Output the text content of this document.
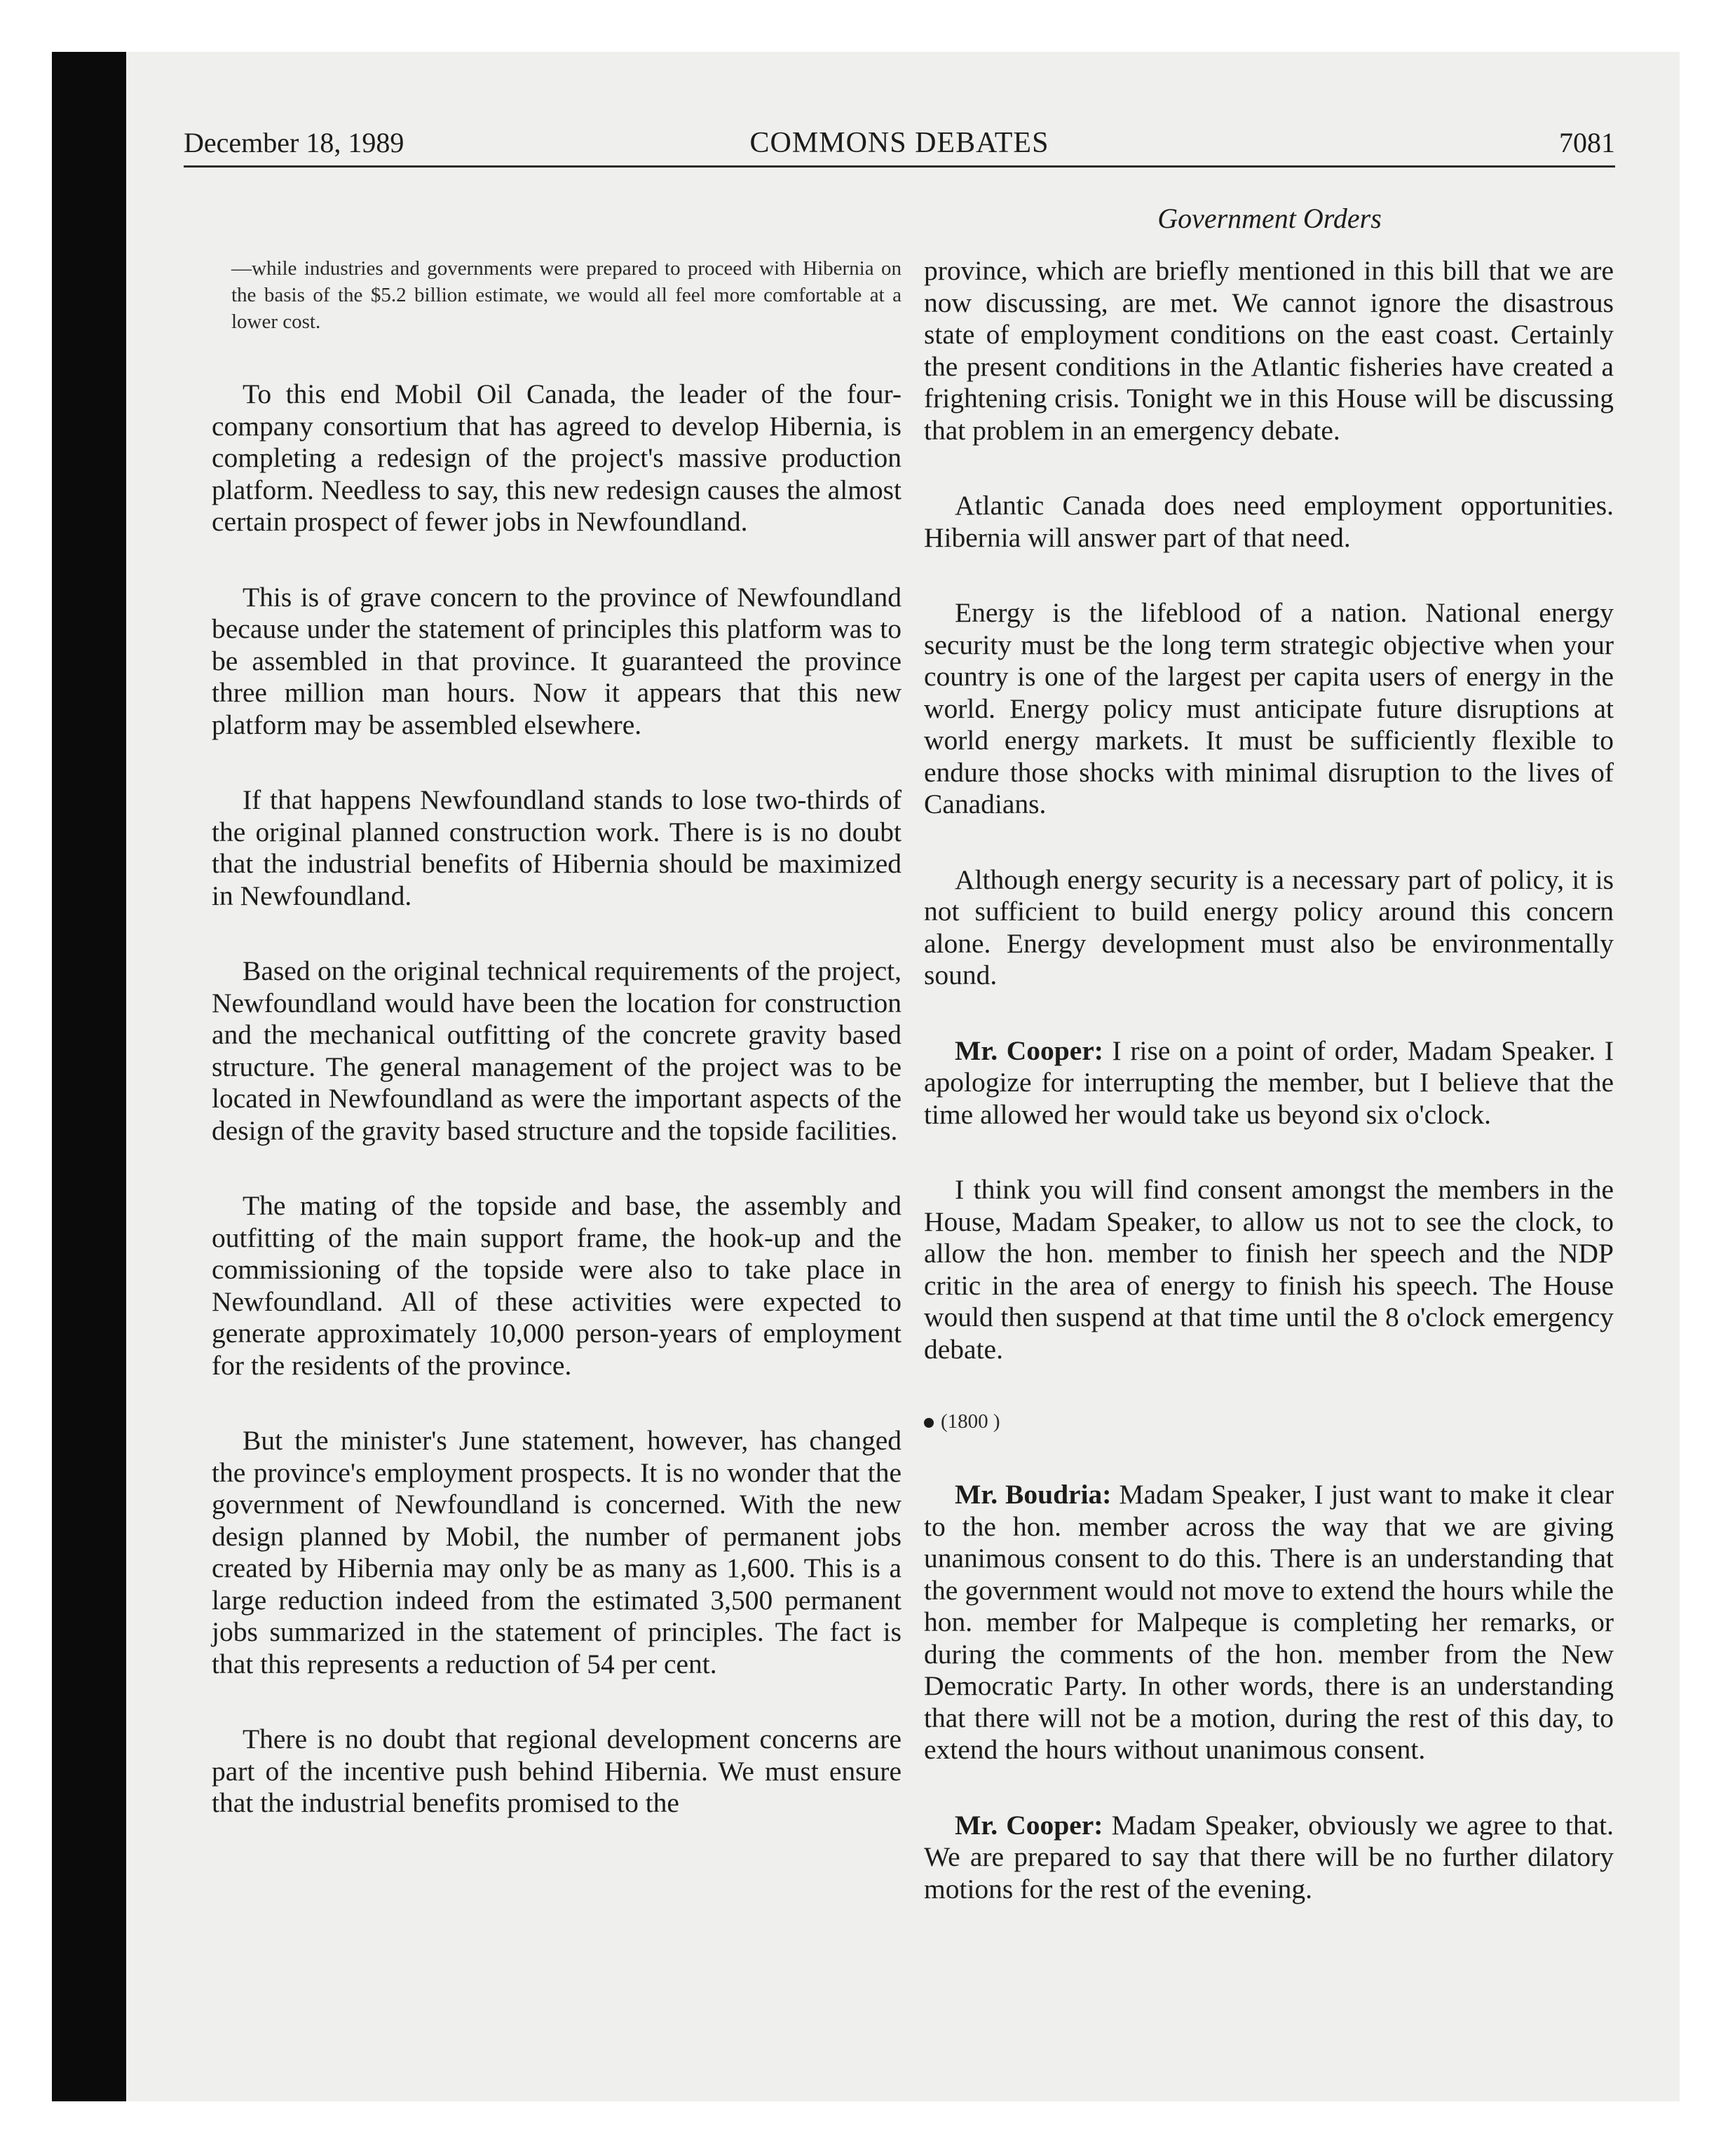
December 18, 1989	COMMONS DEBATES	7081
Government Orders

—while industries and governments were prepared to proceed with Hibernia on the basis of the $5.2 billion estimate, we would all feel more comfortable at a lower cost.

To this end Mobil Oil Canada, the leader of the four-company consortium that has agreed to develop Hibernia, is completing a redesign of the project's massive production platform. Needless to say, this new redesign causes the almost certain prospect of fewer jobs in Newfoundland.

This is of grave concern to the province of Newfoundland because under the statement of principles this platform was to be assembled in that province. It guaranteed the province three million man hours. Now it appears that this new platform may be assembled elsewhere.

If that happens Newfoundland stands to lose two-thirds of the original planned construction work. There is is no doubt that the industrial benefits of Hibernia should be maximized in Newfoundland.

Based on the original technical requirements of the project, Newfoundland would have been the location for construction and the mechanical outfitting of the concrete gravity based structure. The general management of the project was to be located in Newfoundland as were the important aspects of the design of the gravity based structure and the topside facilities.

The mating of the topside and base, the assembly and outfitting of the main support frame, the hook-up and the commissioning of the topside were also to take place in Newfoundland. All of these activities were expected to generate approximately 10,000 person-years of employment for the residents of the province.

But the minister's June statement, however, has changed the province's employment prospects. It is no wonder that the government of Newfoundland is concerned. With the new design planned by Mobil, the number of permanent jobs created by Hibernia may only be as many as 1,600. This is a large reduction indeed from the estimated 3,500 permanent jobs summarized in the statement of principles. The fact is that this represents a reduction of 54 per cent.

There is no doubt that regional development concerns are part of the incentive push behind Hibernia. We must ensure that the industrial benefits promised to the

province, which are briefly mentioned in this bill that we are now discussing, are met. We cannot ignore the disastrous state of employment conditions on the east coast. Certainly the present conditions in the Atlantic fisheries have created a frightening crisis. Tonight we in this House will be discussing that problem in an emergency debate.

Atlantic Canada does need employment opportunities. Hibernia will answer part of that need.

Energy is the lifeblood of a nation. National energy security must be the long term strategic objective when your country is one of the largest per capita users of energy in the world. Energy policy must anticipate future disruptions at world energy markets. It must be sufficiently flexible to endure those shocks with minimal disruption to the lives of Canadians.

Although energy security is a necessary part of policy, it is not sufficient to build energy policy around this concern alone. Energy development must also be environmentally sound.

Mr. Cooper: I rise on a point of order, Madam Speaker. I apologize for interrupting the member, but I believe that the time allowed her would take us beyond six o'clock.

I think you will find consent amongst the members in the House, Madam Speaker, to allow us not to see the clock, to allow the hon. member to finish her speech and the NDP critic in the area of energy to finish his speech. The House would then suspend at that time until the 8 o'clock emergency debate.

(1800 )

Mr. Boudria: Madam Speaker, I just want to make it clear to the hon. member across the way that we are giving unanimous consent to do this. There is an understanding that the government would not move to extend the hours while the hon. member for Malpeque is completing her remarks, or during the comments of the hon. member from the New Democratic Party. In other words, there is an understanding that there will not be a motion, during the rest of this day, to extend the hours without unanimous consent.

Mr. Cooper: Madam Speaker, obviously we agree to that. We are prepared to say that there will be no further dilatory motions for the rest of the evening.
